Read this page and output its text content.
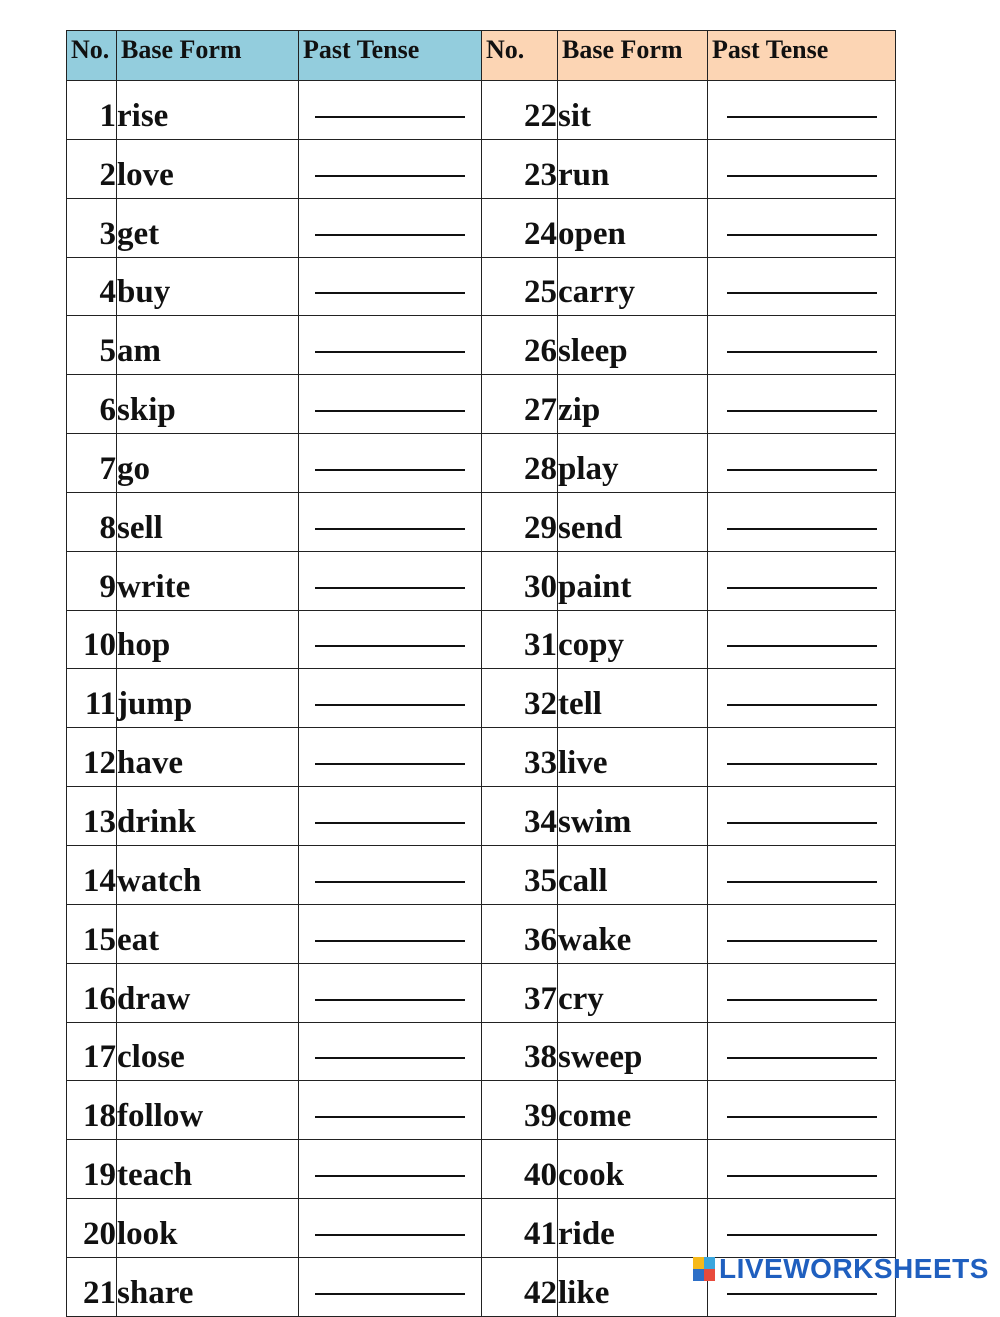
No.	Base Form	Past Tense	No.	Base Form	Past Tense
1	rise		22	sit	
2	love		23	run	
3	get		24	open	
4	buy		25	carry	
5	am		26	sleep	
6	skip		27	zip	
7	go		28	play	
8	sell		29	send	
9	write		30	paint	
10	hop		31	copy	
11	jump		32	tell	
12	have		33	live	
13	drink		34	swim	
14	watch		35	call	
15	eat		36	wake	
16	draw		37	cry	
17	close		38	sweep	
18	follow		39	come	
19	teach		40	cook	
20	look		41	ride	
21	share		42	like	
LIVEWORKSHEETS
